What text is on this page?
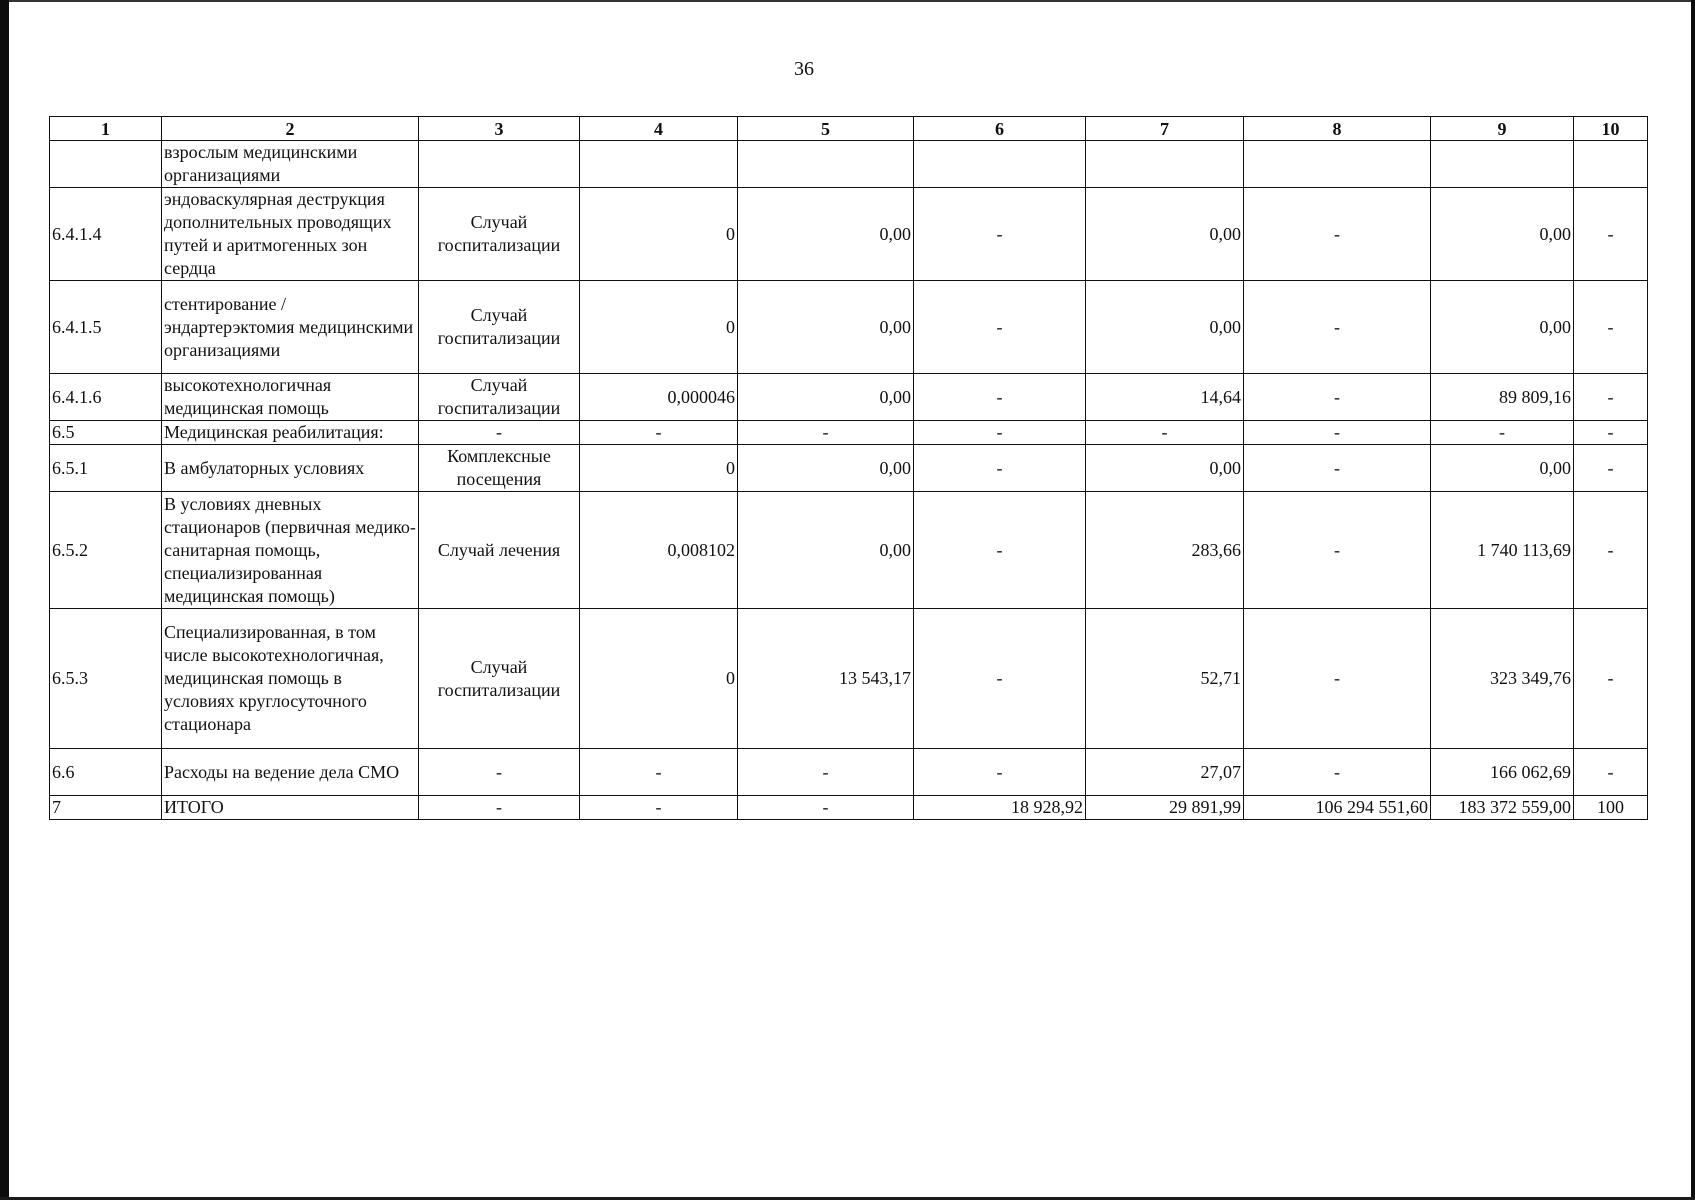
36
1	2	3	4	5	6	7	8	9	10
	взрослым медицинскими организациями								
6.4.1.4	эндоваскулярная деструкция дополнительных проводящих путей и аритмогенных зон сердца	Случай госпитализации	0	0,00	-	0,00	-	0,00	-
6.4.1.5	стентирование / эндартерэктомия медицинскими организациями	Случай госпитализации	0	0,00	-	0,00	-	0,00	-
6.4.1.6	высокотехнологичная медицинская помощь	Случай госпитализации	0,000046	0,00	-	14,64	-	89 809,16	-
6.5	Медицинская реабилитация:	-	-	-	-	-	-	-	-
6.5.1	В амбулаторных условиях	Комплексные посещения	0	0,00	-	0,00	-	0,00	-
6.5.2	В условиях дневных стационаров (первичная медико-санитарная помощь, специализированная медицинская помощь)	Случай лечения	0,008102	0,00	-	283,66	-	1 740 113,69	-
6.5.3	Специализированная, в том числе высокотехнологичная, медицинская помощь в условиях круглосуточного стационара	Случай госпитализации	0	13 543,17	-	52,71	-	323 349,76	-
6.6	Расходы на ведение дела СМО	-	-	-	-	27,07	-	166 062,69	-
7	ИТОГО	-	-	-	18 928,92	29 891,99	106 294 551,60	183 372 559,00	100
